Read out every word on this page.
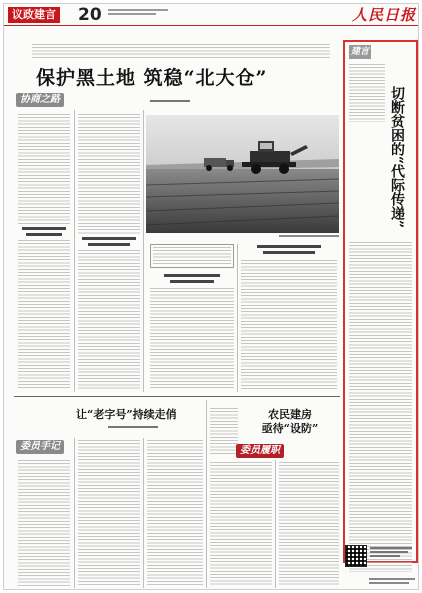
议政建言 20	人民日报
保护黑土地 筑稳“北大仓”
协商之路
让“老字号”持续走俏
委员手记
农民建房
亟待“设防”
委员履职
建言
切断贫困的“代际传递”
